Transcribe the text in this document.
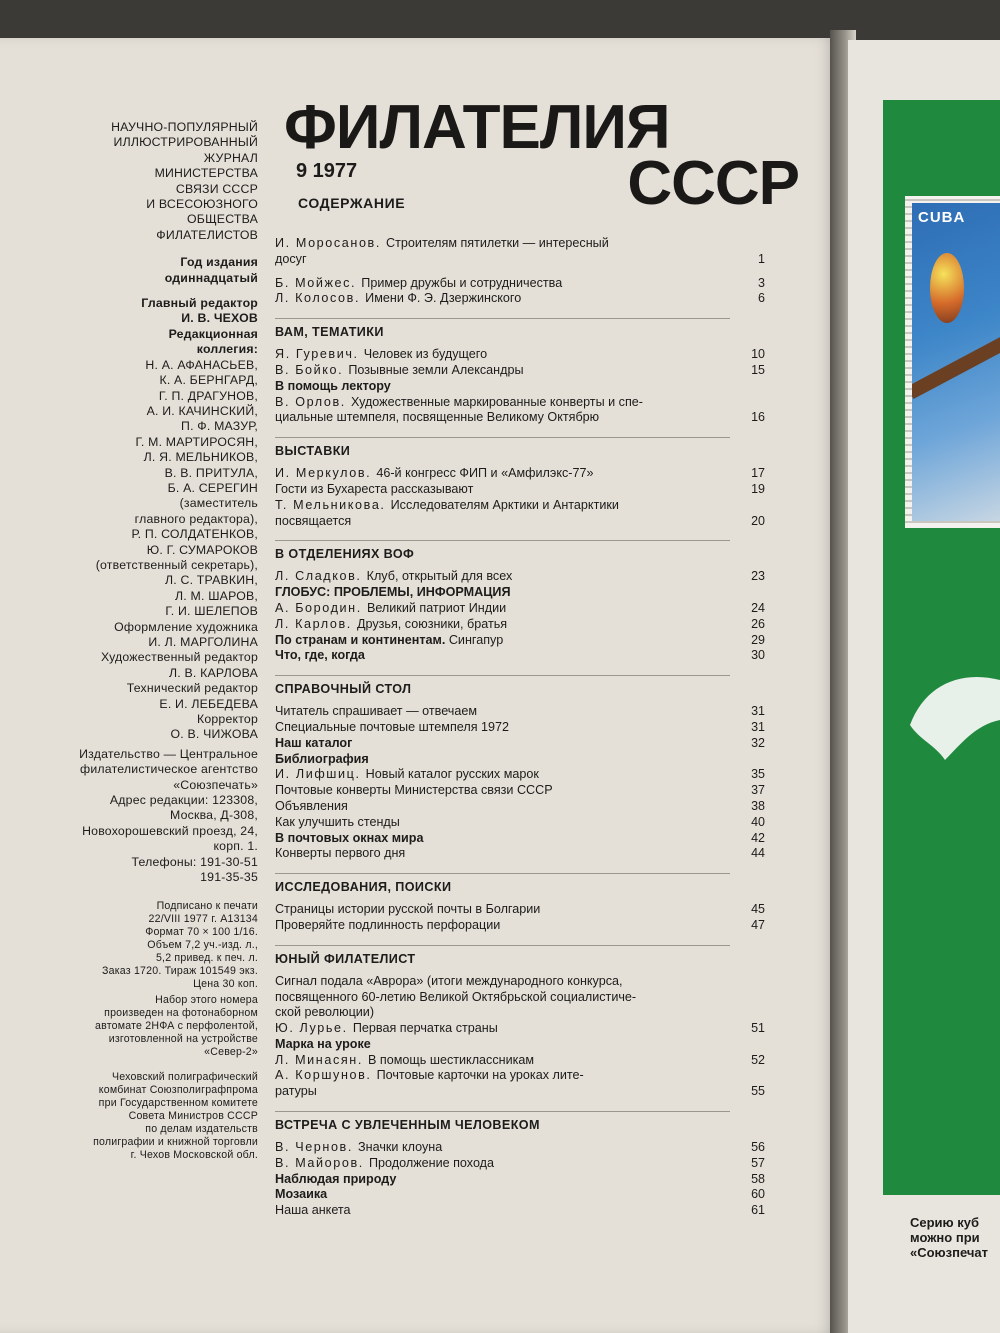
CUBA
Серию куб
можно при
«Союзпечат
НАУЧНО-ПОПУЛЯРНЫЙ
ИЛЛЮСТРИРОВАННЫЙ
ЖУРНАЛ
МИНИСТЕРСТВА
СВЯЗИ СССР
И ВСЕСОЮЗНОГО
ОБЩЕСТВА
ФИЛАТЕЛИСТОВ
Год издания
одиннадцатый
Главный редактор
И. В. ЧЕХОВ
Редакционная
коллегия:
Н. А. АФАНАСЬЕВ,
К. А. БЕРНГАРД,
Г. П. ДРАГУНОВ,
А. И. КАЧИНСКИЙ,
П. Ф. МАЗУР,
Г. М. МАРТИРОСЯН,
Л. Я. МЕЛЬНИКОВ,
В. В. ПРИТУЛА,
Б. А. СЕРЕГИН
(заместитель
главного редактора),
Р. П. СОЛДАТЕНКОВ,
Ю. Г. СУМАРОКОВ
(ответственный секретарь),
Л. С. ТРАВКИН,
Л. М. ШАРОВ,
Г. И. ШЕЛЕПОВ
Оформление художника
И. Л. МАРГОЛИНА
Художественный редактор
Л. В. КАРЛОВА
Технический редактор
Е. И. ЛЕБЕДЕВА
Корректор
О. В. ЧИЖОВА
Издательство — Центральное
филателистическое агентство
«Союзпечать»
Адрес редакции: 123308,
Москва, Д-308,
Новохорошевский проезд, 24,
корп. 1.
Телефоны: 191-30-51
191-35-35
Подписано к печати
22/VIII 1977 г. А13134
Формат 70 × 100 1/16.
Объем 7,2 уч.-изд. л.,
5,2 привед. к печ. л.
Заказ 1720. Тираж 101549 экз.
Цена 30 коп.
Набор этого номера
произведен на фотонаборном
автомате 2НФА с перфолентой,
изготовленной на устройстве
«Север-2»
Чеховский полиграфический
комбинат Союзполиграфпрома
при Государственном комитете
Совета Министров СССР
по делам издательств
полиграфии и книжной торговли
г. Чехов Московской обл.
ФИЛАТЕЛИЯ
СССР
9 1977
СОДЕРЖАНИЕ
И. Моросанов. Строителям пятилетки — интересный
досуг	1
Б. Мойжес. Пример дружбы и сотрудничества	3
Л. Колосов. Имени Ф. Э. Дзержинского	6
ВАМ, ТЕМАТИКИ
Я. Гуревич. Человек из будущего	10
В. Бойко. Позывные земли Александры	15
В помощь лектору
В. Орлов. Художественные маркированные конверты и спе-
циальные штемпеля, посвященные Великому Октябрю	16
ВЫСТАВКИ
И. Меркулов. 46-й конгресс ФИП и «Амфилэкс-77»	17
Гости из Бухареста рассказывают	19
Т. Мельникова. Исследователям Арктики и Антарктики
посвящается	20
В ОТДЕЛЕНИЯХ ВОФ
Л. Сладков. Клуб, открытый для всех	23
ГЛОБУС: ПРОБЛЕМЫ, ИНФОРМАЦИЯ
А. Бородин. Великий патриот Индии	24
Л. Карлов. Друзья, союзники, братья	26
По странам и континентам. Сингапур	29
Что, где, когда	30
СПРАВОЧНЫЙ СТОЛ
Читатель спрашивает — отвечаем	31
Специальные почтовые штемпеля 1972	31
Наш каталог	32
Библиография
И. Лифшиц. Новый каталог русских марок	35
Почтовые конверты Министерства связи СССР	37
Объявления	38
Как улучшить стенды	40
В почтовых окнах мира	42
Конверты первого дня	44
ИССЛЕДОВАНИЯ, ПОИСКИ
Страницы истории русской почты в Болгарии	45
Проверяйте подлинность перфорации	47
ЮНЫЙ ФИЛАТЕЛИСТ
Сигнал подала «Аврора» (итоги международного конкурса,
посвященного 60-летию Великой Октябрьской социалистиче-
ской революции)
Ю. Лурье. Первая перчатка страны	51
Марка на уроке
Л. Минасян. В помощь шестиклассникам	52
А. Коршунов. Почтовые карточки на уроках лите-
ратуры	55
ВСТРЕЧА С УВЛЕЧЕННЫМ ЧЕЛОВЕКОМ
В. Чернов. Значки клоуна	56
В. Майоров. Продолжение похода	57
Наблюдая природу	58
Мозаика	60
Наша анкета	61
